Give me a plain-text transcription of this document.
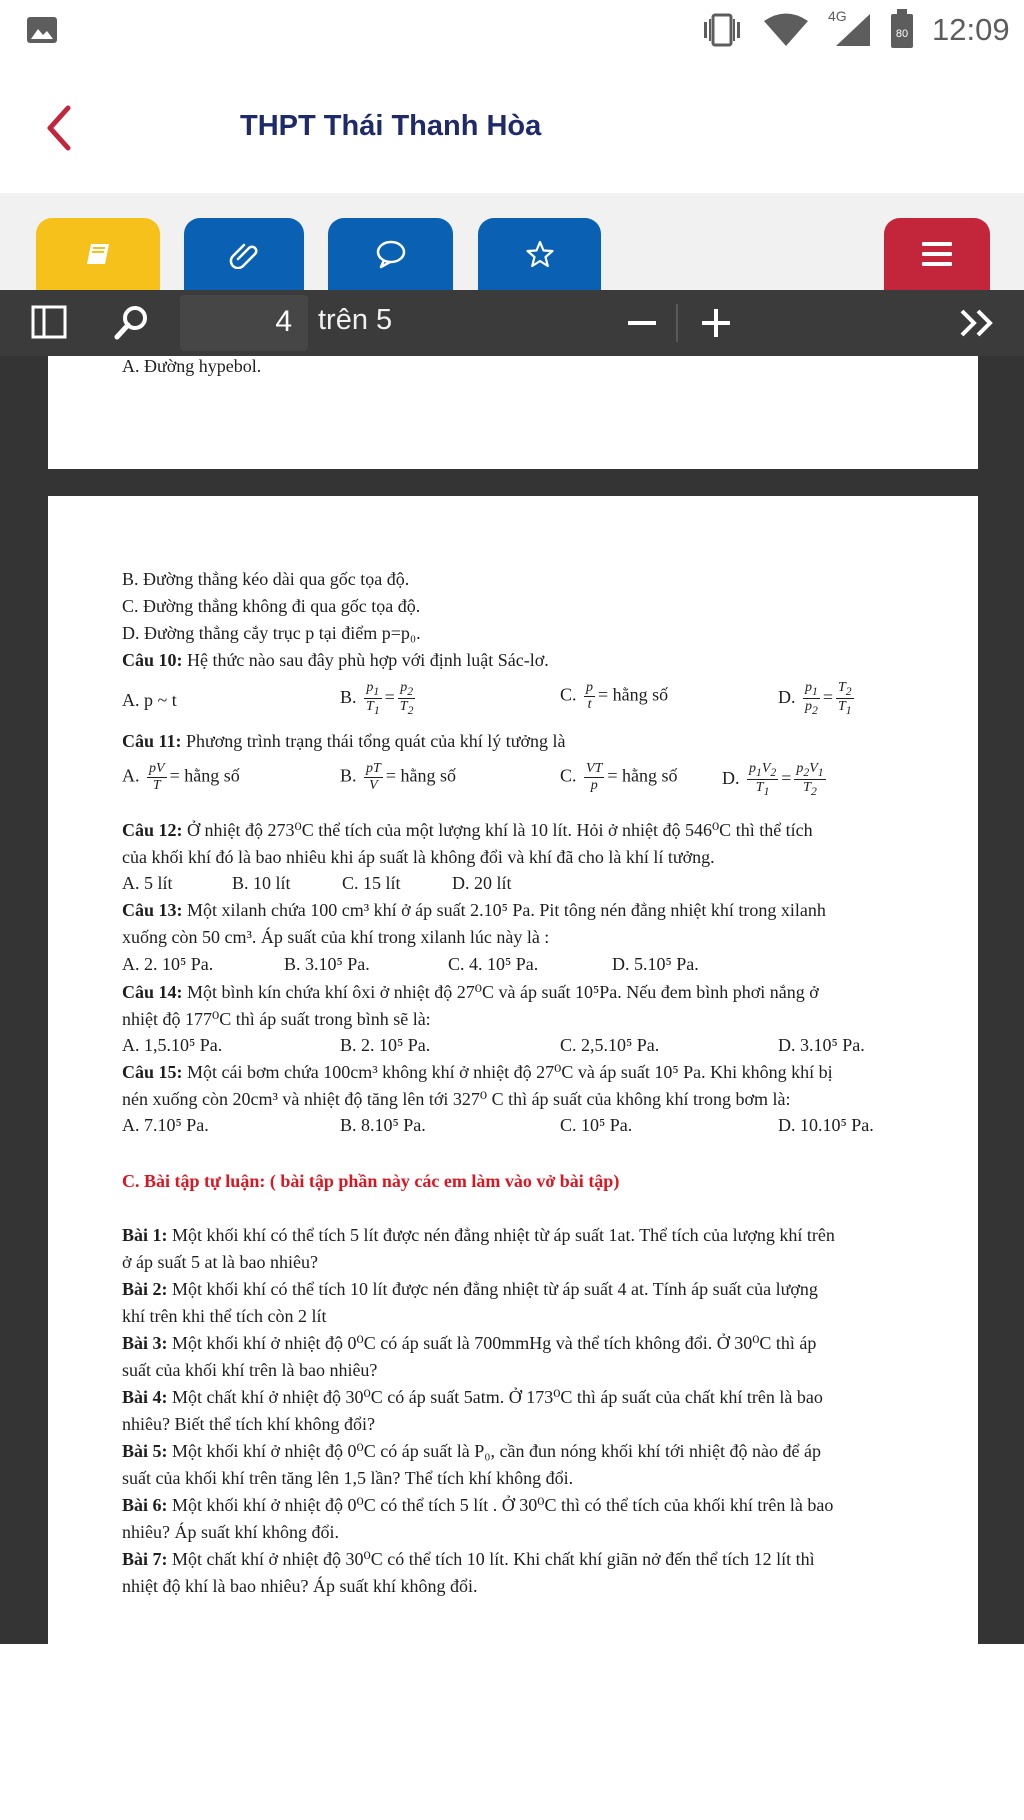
4G
80 12:09
THPT Thái Thanh Hòa
4 trên 5
A. Đường hypebol.
B. Đường thẳng kéo dài qua gốc tọa độ.
C. Đường thẳng không đi qua gốc tọa độ.
D. Đường thẳng cắy trục p tại điểm p=p₀.
Câu 10: Hệ thức nào sau đây phù hợp với định luật Sác-lơ.
A. p ~ t	B. $\frac{p_1}{T_1} = \frac{p_2}{T_2}$	C. $\frac{p}{t}$ = hằng số	D. $\frac{p_1}{p_2} = \frac{T_2}{T_1}$
Câu 11: Phương trình trạng thái tổng quát của khí lý tưởng là
A. $\frac{pV}{T}$ = hằng số	B. $\frac{pT}{V}$ = hằng số	C. $\frac{VT}{p}$ = hằng số D. $\frac{p_1V_2}{T_1} = \frac{p_2V_1}{T_2}$
Câu 12: Ở nhiệt độ 273⁰C thể tích của một lượng khí là 10 lít. Hỏi ở nhiệt độ 546⁰C thì thể tích
của khối khí đó là bao nhiêu khi áp suất là không đổi và khí đã cho là khí lí tưởng.
A. 5 lít	B. 10 lít	C. 15 lít	D. 20 lít
Câu 13: Một xilanh chứa 100 cm³ khí ở áp suất 2.10⁵ Pa. Pit tông nén đẳng nhiệt khí trong xilanh
xuống còn 50 cm³. Áp suất của khí trong xilanh lúc này là :
A. 2. 10⁵ Pa.	B. 3.10⁵ Pa.	C. 4. 10⁵ Pa.	D. 5.10⁵ Pa.
Câu 14: Một bình kín chứa khí ôxi ở nhiệt độ 27⁰C và áp suất 10⁵Pa. Nếu đem bình phơi nắng ở
nhiệt độ 177⁰C thì áp suất trong bình sẽ là:
A. 1,5.10⁵ Pa.	B. 2. 10⁵ Pa.	C. 2,5.10⁵ Pa.	D. 3.10⁵ Pa.
Câu 15: Một cái bơm chứa 100cm³ không khí ở nhiệt độ 27⁰C và áp suất 10⁵ Pa. Khi không khí bị
nén xuống còn 20cm³ và nhiệt độ tăng lên tới 327⁰ C thì áp suất của không khí trong bơm là:
A. 7.10⁵ Pa.	B. 8.10⁵ Pa.	C. 10⁵ Pa.	D. 10.10⁵ Pa.
C. Bài tập tự luận: ( bài tập phần này các em làm vào vở bài tập)
Bài 1: Một khối khí có thể tích 5 lít được nén đẳng nhiệt từ áp suất 1at. Thể tích của lượng khí trên
ở áp suất 5 at là bao nhiêu?
Bài 2: Một khối khí có thể tích 10 lít được nén đẳng nhiệt từ áp suất 4 at. Tính áp suất của lượng
khí trên khi thể tích còn 2 lít
Bài 3: Một khối khí ở nhiệt độ 0⁰C có áp suất là 700mmHg và thể tích không đổi. Ở 30⁰C thì áp
suất của khối khí trên là bao nhiêu?
Bài 4: Một chất khí ở nhiệt độ 30⁰C có áp suất 5atm. Ở 173⁰C thì áp suất của chất khí trên là bao
nhiêu? Biết thể tích khí không đổi?
Bài 5: Một khối khí ở nhiệt độ 0⁰C có áp suất là P₀, cần đun nóng khối khí tới nhiệt độ nào để áp
suất của khối khí trên tăng lên 1,5 lần? Thể tích khí không đổi.
Bài 6: Một khối khí ở nhiệt độ 0⁰C có thể tích 5 lít . Ở 30⁰C thì có thể tích của khối khí trên là bao
nhiêu? Áp suất khí không đổi.
Bài 7: Một chất khí ở nhiệt độ 30⁰C có thể tích 10 lít. Khi chất khí giãn nở đến thể tích 12 lít thì
nhiệt độ khí là bao nhiêu? Áp suất khí không đổi.
